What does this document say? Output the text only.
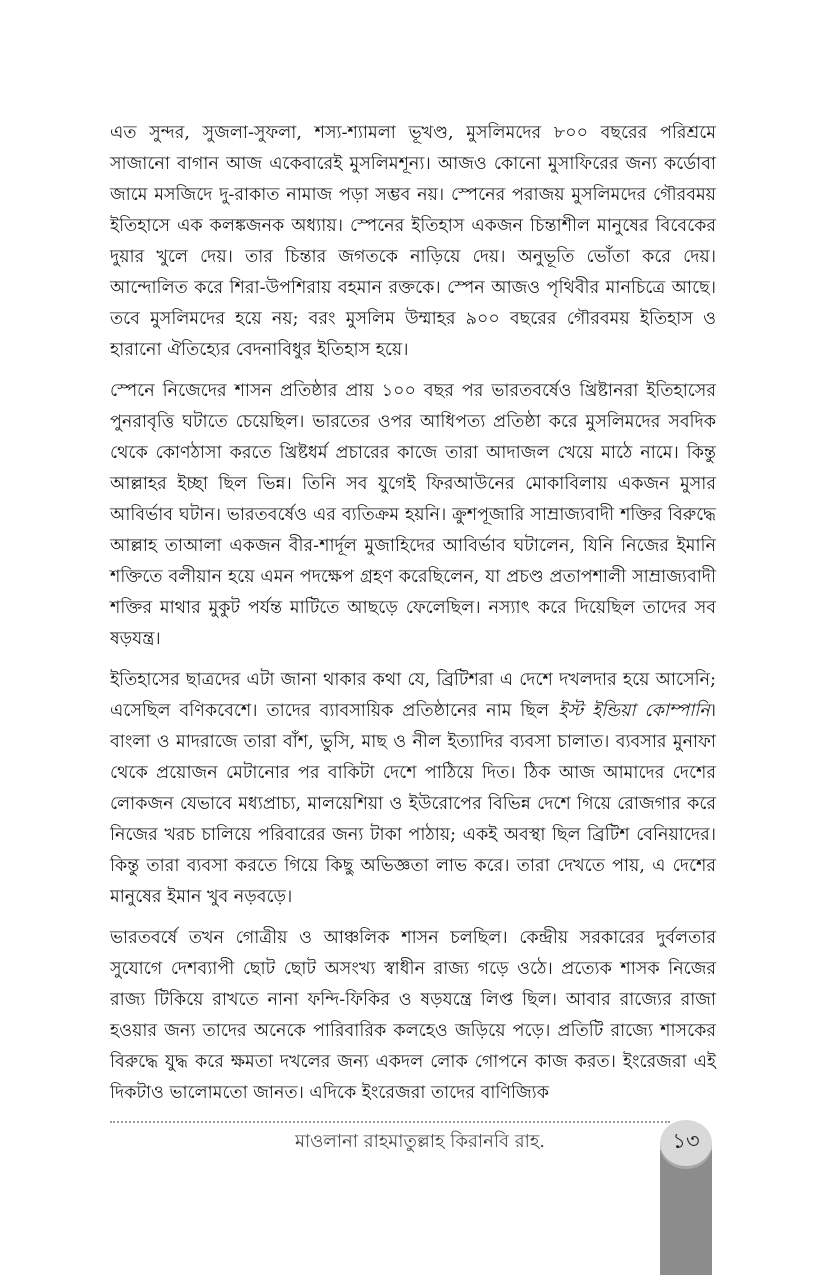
এত সুন্দর, সুজলা-সুফলা, শস্য-শ্যামলা ভূখণ্ড, মুসলিমদের ৮০০ বছরের পরিশ্রমে সাজানো বাগান আজ একেবারেই মুসলিমশূন্য। আজও কোনো মুসাফিরের জন্য কর্ডোবা জামে মসজিদে দু-রাকাত নামাজ পড়া সম্ভব নয়। স্পেনের পরাজয় মুসলিমদের গৌরবময় ইতিহাসে এক কলঙ্কজনক অধ্যায়। স্পেনের ইতিহাস একজন চিন্তাশীল মানুষের বিবেকের দুয়ার খুলে দেয়। তার চিন্তার জগতকে নাড়িয়ে দেয়। অনুভূতি ভোঁতা করে দেয়। আন্দোলিত করে শিরা-উপশিরায় বহমান রক্তকে। স্পেন আজও পৃথিবীর মানচিত্রে আছে। তবে মুসলিমদের হয়ে নয়; বরং মুসলিম উম্মাহর ৯০০ বছরের গৌরবময় ইতিহাস ও হারানো ঐতিহ্যের বেদনাবিধুর ইতিহাস হয়ে।

স্পেনে নিজেদের শাসন প্রতিষ্ঠার প্রায় ১০০ বছর পর ভারতবর্ষেও খ্রিষ্টানরা ইতিহাসের পুনরাবৃত্তি ঘটাতে চেয়েছিল। ভারতের ওপর আধিপত্য প্রতিষ্ঠা করে মুসলিমদের সবদিক থেকে কোণঠাসা করতে খ্রিষ্টধর্ম প্রচারের কাজে তারা আদাজল খেয়ে মাঠে নামে। কিন্তু আল্লাহর ইচ্ছা ছিল ভিন্ন। তিনি সব যুগেই ফিরআউনের মোকাবিলায় একজন মুসার আবির্ভাব ঘটান। ভারতবর্ষেও এর ব্যতিক্রম হয়নি। ক্রুশপূজারি সাম্রাজ্যবাদী শক্তির বিরুদ্ধে আল্লাহ তাআলা একজন বীর-শার্দূল মুজাহিদের আবির্ভাব ঘটালেন, যিনি নিজের ইমানি শক্তিতে বলীয়ান হয়ে এমন পদক্ষেপ গ্রহণ করেছিলেন, যা প্রচণ্ড প্রতাপশালী সাম্রাজ্যবাদী শক্তির মাথার মুকুট পর্যন্ত মাটিতে আছড়ে ফেলেছিল। নস্যাৎ করে দিয়েছিল তাদের সব ষড়যন্ত্র।

ইতিহাসের ছাত্রদের এটা জানা থাকার কথা যে, ব্রিটিশরা এ দেশে দখলদার হয়ে আসেনি; এসেছিল বণিকবেশে। তাদের ব্যাবসায়িক প্রতিষ্ঠানের নাম ছিল ইস্ট ইন্ডিয়া কোম্পানি। বাংলা ও মাদরাজে তারা বাঁশ, ভুসি, মাছ ও নীল ইত্যাদির ব্যবসা চালাত। ব্যবসার মুনাফা থেকে প্রয়োজন মেটানোর পর বাকিটা দেশে পাঠিয়ে দিত। ঠিক আজ আমাদের দেশের লোকজন যেভাবে মধ্যপ্রাচ্য, মালয়েশিয়া ও ইউরোপের বিভিন্ন দেশে গিয়ে রোজগার করে নিজের খরচ চালিয়ে পরিবারের জন্য টাকা পাঠায়; একই অবস্থা ছিল ব্রিটিশ বেনিয়াদের। কিন্তু তারা ব্যবসা করতে গিয়ে কিছু অভিজ্ঞতা লাভ করে। তারা দেখতে পায়, এ দেশের মানুষের ইমান খুব নড়বড়ে।

ভারতবর্ষে তখন গোত্রীয় ও আঞ্চলিক শাসন চলছিল। কেন্দ্রীয় সরকারের দুর্বলতার সুযোগে দেশব্যাপী ছোট ছোট অসংখ্য স্বাধীন রাজ্য গড়ে ওঠে। প্রত্যেক শাসক নিজের রাজ্য টিকিয়ে রাখতে নানা ফন্দি-ফিকির ও ষড়যন্ত্রে লিপ্ত ছিল। আবার রাজ্যের রাজা হওয়ার জন্য তাদের অনেকে পারিবারিক কলহেও জড়িয়ে পড়ে। প্রতিটি রাজ্যে শাসকের বিরুদ্ধে যুদ্ধ করে ক্ষমতা দখলের জন্য একদল লোক গোপনে কাজ করত। ইংরেজরা এই দিকটাও ভালোমতো জানত। এদিকে ইংরেজরা তাদের বাণিজ্যিক

মাওলানা রাহমাতুল্লাহ কিরানবি রাহ.	১৩
